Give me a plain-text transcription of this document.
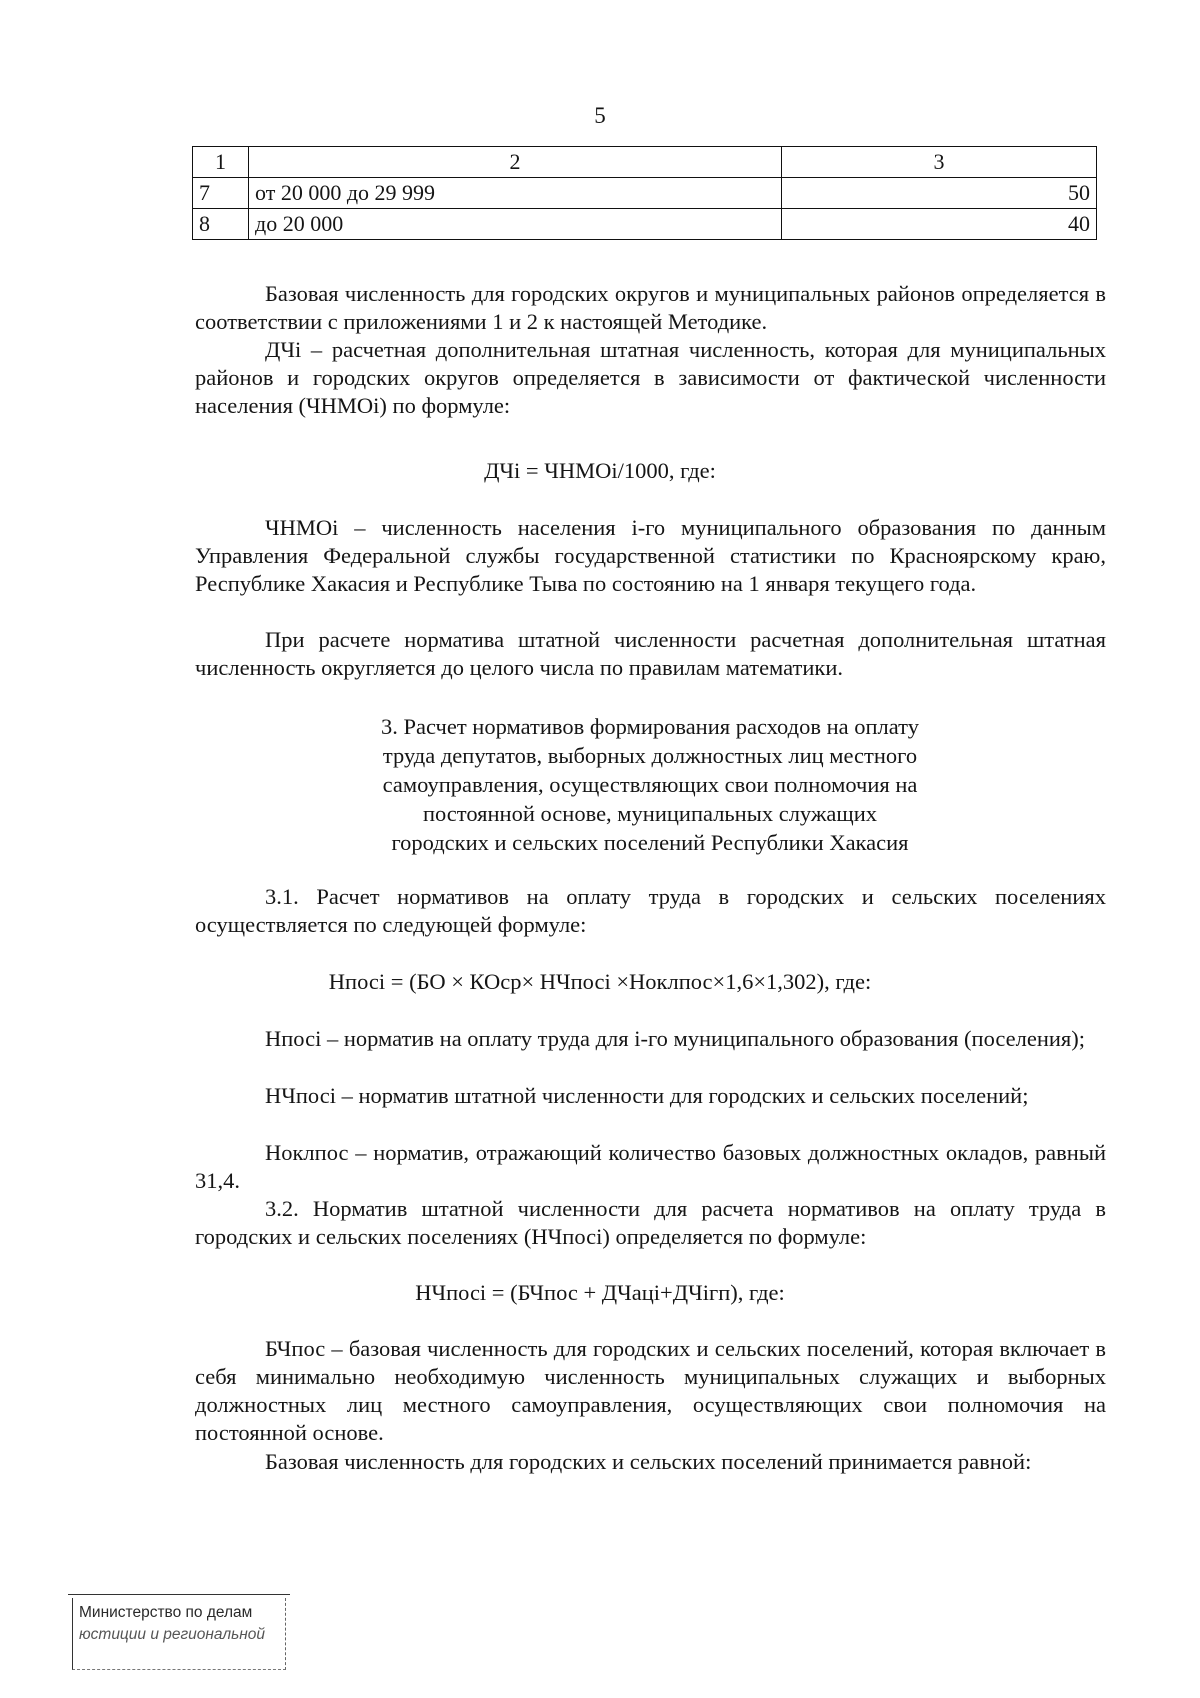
5
1	2	3
7	от 20 000 до 29 999	50
8	до 20 000	40

Базовая численность для городских округов и муниципальных районов определяется в соответствии с приложениями 1 и 2 к настоящей Методике.

ДЧi – расчетная дополнительная штатная численность, которая для муниципальных районов и городских округов определяется в зависимости от фактической численности населения (ЧНМОi) по формуле:

ДЧi = ЧНМОi/1000, где:

ЧНМОi – численность населения i-го муниципального образования по данным Управления Федеральной службы государственной статистики по Красноярскому краю, Республике Хакасия и Республике Тыва по состоянию на 1 января текущего года.

При расчете норматива штатной численности расчетная дополнительная штатная численность округляется до целого числа по правилам математики.

3. Расчет нормативов формирования расходов на оплату

труда депутатов, выборных должностных лиц местного

самоуправления, осуществляющих свои полномочия на

постоянной основе, муниципальных служащих

городских и сельских поселений Республики Хакасия

3.1. Расчет нормативов на оплату труда в городских и сельских поселениях осуществляется по следующей формуле:

Нпосi = (БО × КОср× НЧпосi ×Ноклпос×1,6×1,302), где:

Нпосi – норматив на оплату труда для i-го муниципального образования (поселения);

НЧпосi – норматив штатной численности для городских и сельских поселений;

Ноклпос – норматив, отражающий количество базовых должностных окладов, равный 31,4.

3.2. Норматив штатной численности для расчета нормативов на оплату труда в городских и сельских поселениях (НЧпосi) определяется по формуле:

НЧпосi = (БЧпос + ДЧацi+ДЧiгп), где:

БЧпос – базовая численность для городских и сельских поселений, которая включает в себя минимально необходимую численность муниципальных служащих и выборных должностных лиц местного самоуправления, осуществляющих свои полномочия на постоянной основе.

Базовая численность для городских и сельских поселений принимается равной:

Министерство по делам
юстиции и региональной
